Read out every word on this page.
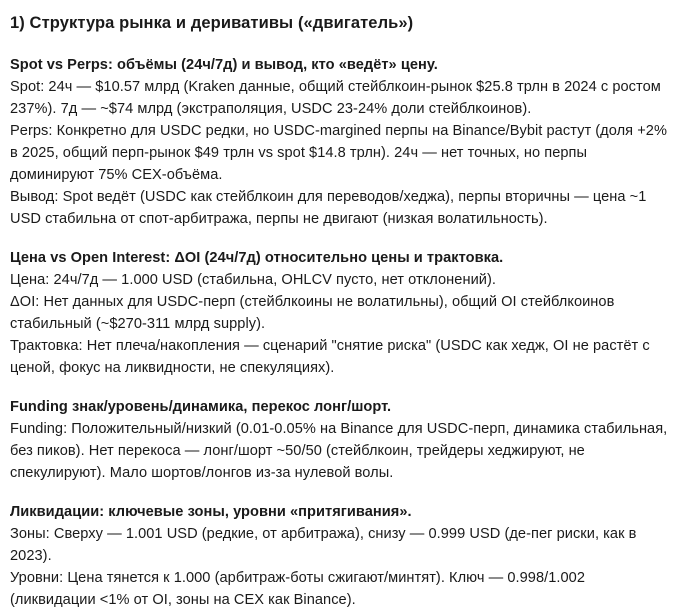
1) Структура рынка и деривативы («двигатель»)

Spot vs Perps: объёмы (24ч/7д) и вывод, кто «ведёт» цену.

Spot: 24ч — $10.57 млрд (Kraken данные, общий стейблкоин-рынок $25.8 трлн в 2024 с ростом 237%). 7д — ~$74 млрд (экстраполяция, USDC 23-24% доли стейблкоинов).

Perps: Конкретно для USDC редки, но USDC-margined перпы на Binance/Bybit растут (доля +2% в 2025, общий перп-рынок $49 трлн vs spot $14.8 трлн). 24ч — нет точных, но перпы доминируют 75% CEX-объёма.

Вывод: Spot ведёт (USDC как стейблкоин для переводов/хеджа), перпы вторичны — цена ~1 USD стабильна от спот-арбитража, перпы не двигают (низкая волатильность).

Цена vs Open Interest: ΔOI (24ч/7д) относительно цены и трактовка.

Цена: 24ч/7д — 1.000 USD (стабильна, OHLCV пусто, нет отклонений).

ΔOI: Нет данных для USDC-перп (стейблкоины не волатильны), общий OI стейблкоинов стабильный (~$270-311 млрд supply).

Трактовка: Нет плеча/накопления — сценарий "снятие риска" (USDC как хедж, OI не растёт с ценой, фокус на ликвидности, не спекуляциях).

Funding знак/уровень/динамика, перекос лонг/шорт.

Funding: Положительный/низкий (0.01-0.05% на Binance для USDC-перп, динамика стабильная, без пиков). Нет перекоса — лонг/шорт ~50/50 (стейблкоин, трейдеры хеджируют, не спекулируют). Мало шортов/лонгов из-за нулевой волы.

Ликвидации: ключевые зоны, уровни «притягивания».

Зоны: Сверху — 1.001 USD (редкие, от арбитража), снизу — 0.999 USD (де-пег риски, как в 2023).

Уровни: Цена тянется к 1.000 (арбитраж-боты сжигают/минтят). Ключ — 0.998/1.002 (ликвидации <1% от OI, зоны на CEX как Binance).
